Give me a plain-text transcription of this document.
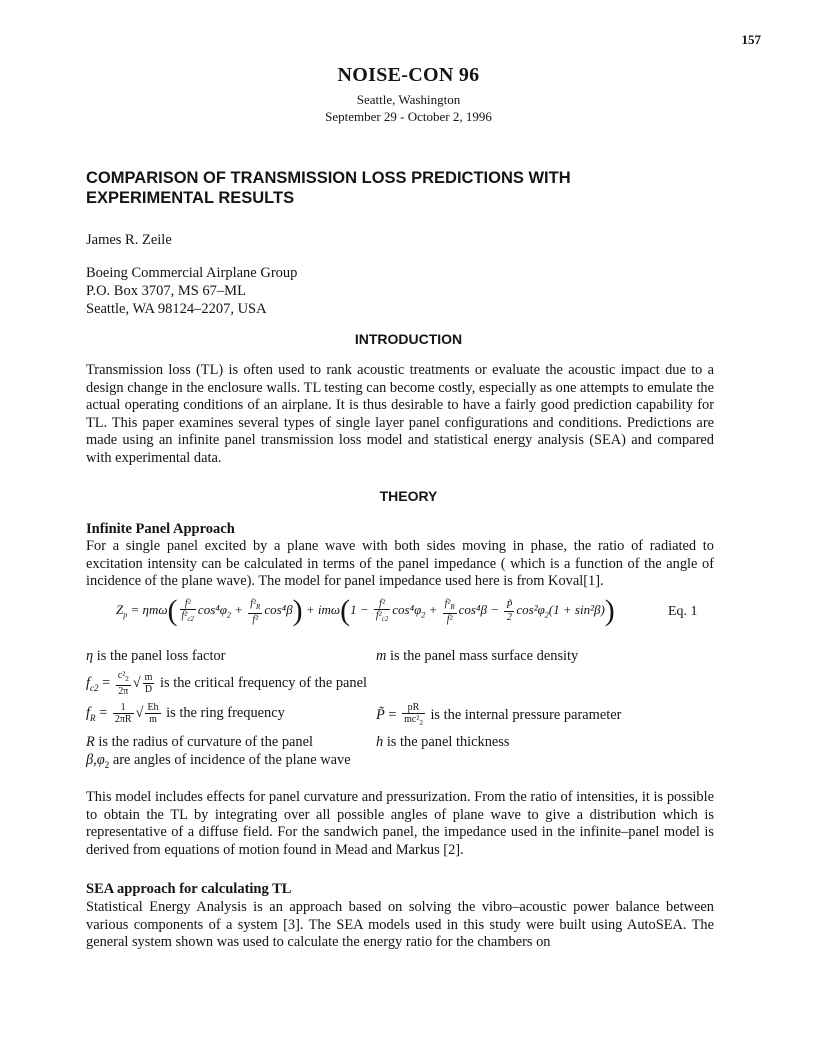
157
NOISE-CON 96
Seattle, Washington
September 29 - October 2, 1996
COMPARISON OF TRANSMISSION LOSS PREDICTIONS WITH
EXPERIMENTAL RESULTS
James R. Zeile
Boeing Commercial Airplane Group
P.O. Box 3707, MS 67–ML
Seattle, WA 98124–2207, USA
INTRODUCTION
Transmission loss (TL) is often used to rank acoustic treatments or evaluate the acoustic impact due to a design change in the enclosure walls. TL testing can become costly, especially as one attempts to emulate the actual operating conditions of an airplane. It is thus desirable to have a fairly good prediction capability for TL. This paper examines several types of single layer panel configurations and conditions. Predictions are made using an infinite panel transmission loss model and statistical energy analysis (SEA) and compared with experimental data.
THEORY
Infinite Panel Approach
For a single panel excited by a plane wave with both sides moving in phase, the ratio of radiated to excitation intensity can be calculated in terms of the panel impedance ( which is a function of the angle of incidence of the plane wave). The model for panel impedance used here is from Koval[1].
$Z_p = \eta m\omega( \frac{\text{f²}}{f^2_{c2}} \cos^4\varphi_2 + \frac{f^2_R}{\text{f²}} \cos^4\beta) + im\omega(1 - \frac{\text{f²}}{f^2_{c2}} \cos^4\varphi_2 + \frac{f^2_R}{\text{f²}} \cos^4\beta - \frac{P̃}{2} \cos^2\varphi_2(1 + \sin^2\beta))$	Eq. 1
η is the panel loss factor	m is the panel mass surface density
$f_{c2} = \frac{c^2_2}{2\pi}$ √ $\frac{m}{D}$ is the critical frequency of the panel
$f_R = \frac{1}{2\pi R}$ √ $\frac{Eh}{m}$ is the ring frequency	P̃ = $\frac{pR}{mc^2_2}$ is the internal pressure parameter
R is the radius of curvature of the panel	h is the panel thickness
$\beta,\varphi_2$ are angles of incidence of the plane wave
This model includes effects for panel curvature and pressurization. From the ratio of intensities, it is possible to obtain the TL by integrating over all possible angles of plane wave to give a distribution which is representative of a diffuse field. For the sandwich panel, the impedance used in the infinite–panel model is derived from equations of motion found in Mead and Markus [2].
SEA approach for calculating TL
Statistical Energy Analysis is an approach based on solving the vibro–acoustic power balance between various components of a system [3]. The SEA models used in this study were built using AutoSEA. The general system shown was used to calculate the energy ratio for the chambers on
